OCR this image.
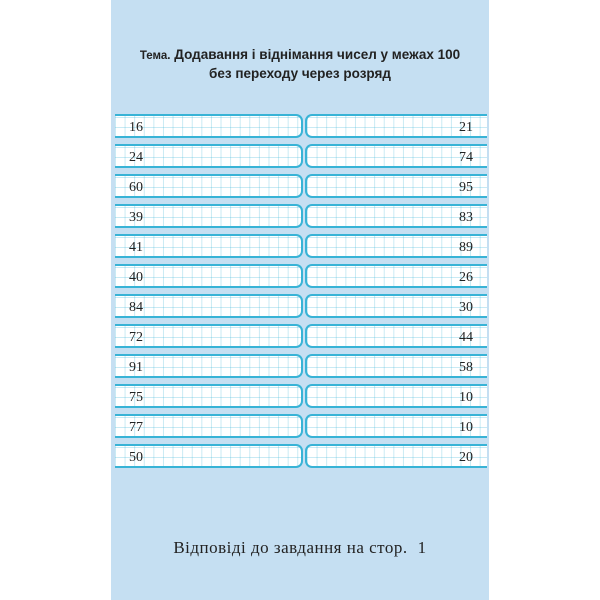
Тема. Додавання і віднімання чисел у межах 100
без переходу через розряд
16	21
24	74
60	95
39	83
41	89
40	26
84	30
72	44
91	58
75	10
77	10
50	20
Відповіді до завдання на стор. 1
